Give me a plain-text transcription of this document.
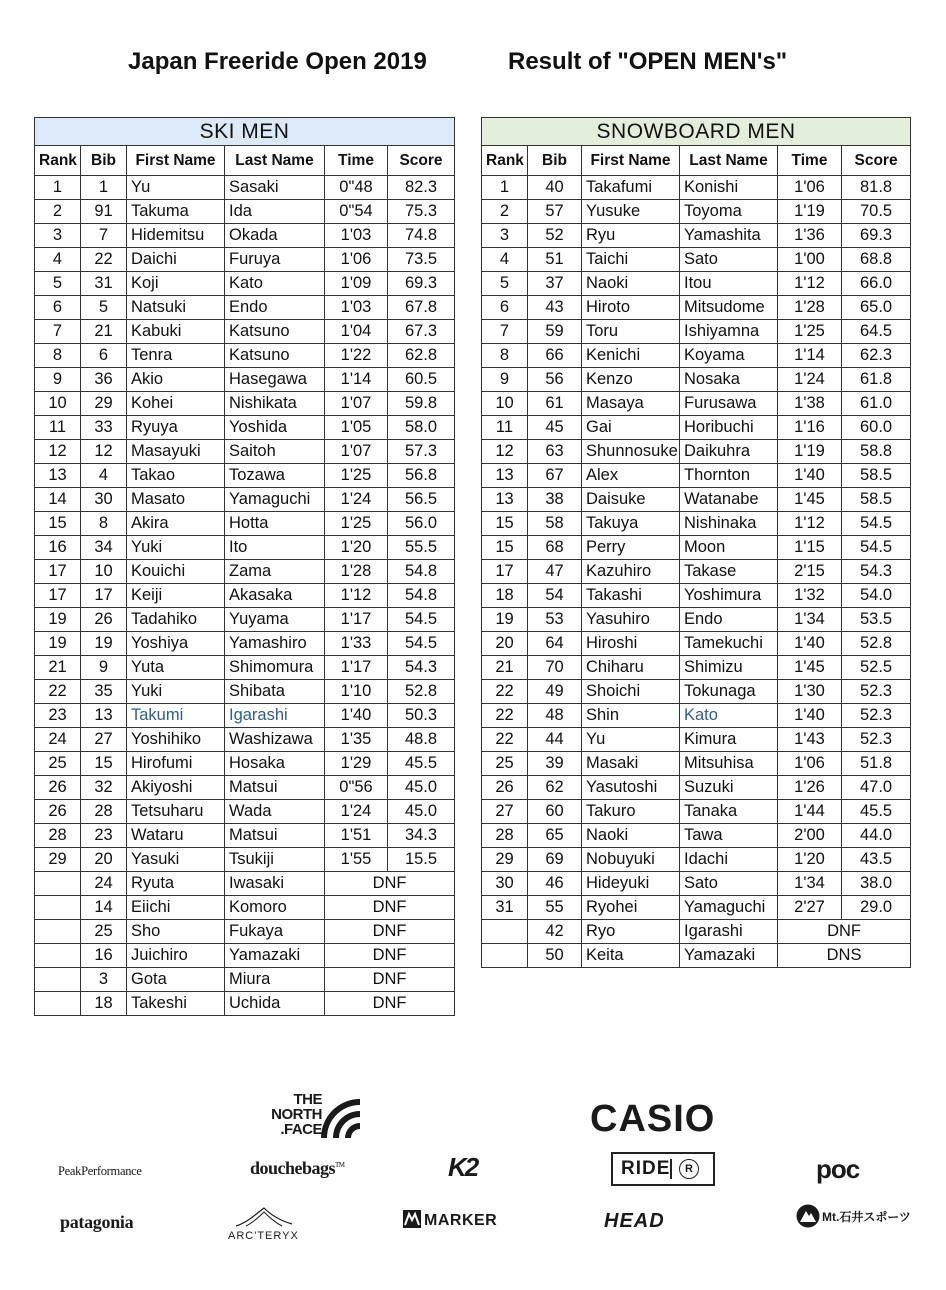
Japan Freeride Open 2019	Result of "OPEN MEN's"
SKI MEN					
Rank	Bib	First Name	Last Name	Time	Score
1	1	Yu	Sasaki	0"48	82.3
2	91	Takuma	Ida	0"54	75.3
3	7	Hidemitsu	Okada	1'03	74.8
4	22	Daichi	Furuya	1'06	73.5
5	31	Koji	Kato	1'09	69.3
6	5	Natsuki	Endo	1'03	67.8
7	21	Kabuki	Katsuno	1'04	67.3
8	6	Tenra	Katsuno	1'22	62.8
9	36	Akio	Hasegawa	1'14	60.5
10	29	Kohei	Nishikata	1'07	59.8
11	33	Ryuya	Yoshida	1'05	58.0
12	12	Masayuki	Saitoh	1'07	57.3
13	4	Takao	Tozawa	1'25	56.8
14	30	Masato	Yamaguchi	1'24	56.5
15	8	Akira	Hotta	1'25	56.0
16	34	Yuki	Ito	1'20	55.5
17	10	Kouichi	Zama	1'28	54.8
17	17	Keiji	Akasaka	1'12	54.8
19	26	Tadahiko	Yuyama	1'17	54.5
19	19	Yoshiya	Yamashiro	1'33	54.5
21	9	Yuta	Shimomura	1'17	54.3
22	35	Yuki	Shibata	1'10	52.8
23	13	Takumi	Igarashi	1'40	50.3
24	27	Yoshihiko	Washizawa	1'35	48.8
25	15	Hirofumi	Hosaka	1'29	45.5
26	32	Akiyoshi	Matsui	0"56	45.0
26	28	Tetsuharu	Wada	1'24	45.0
28	23	Wataru	Matsui	1'51	34.3
29	20	Yasuki	Tsukiji	1'55	15.5
	24	Ryuta	Iwasaki	DNF	
	14	Eiichi	Komoro	DNF	
	25	Sho	Fukaya	DNF	
	16	Juichiro	Yamazaki	DNF	
	3	Gota	Miura	DNF	
	18	Takeshi	Uchida	DNF	
SNOWBOARD MEN					
Rank	Bib	First Name	Last Name	Time	Score
1	40	Takafumi	Konishi	1'06	81.8
2	57	Yusuke	Toyoma	1'19	70.5
3	52	Ryu	Yamashita	1'36	69.3
4	51	Taichi	Sato	1'00	68.8
5	37	Naoki	Itou	1'12	66.0
6	43	Hiroto	Mitsudome	1'28	65.0
7	59	Toru	Ishiyamna	1'25	64.5
8	66	Kenichi	Koyama	1'14	62.3
9	56	Kenzo	Nosaka	1'24	61.8
10	61	Masaya	Furusawa	1'38	61.0
11	45	Gai	Horibuchi	1'16	60.0
12	63	Shunnosuke	Daikuhra	1'19	58.8
13	67	Alex	Thornton	1'40	58.5
13	38	Daisuke	Watanabe	1'45	58.5
15	58	Takuya	Nishinaka	1'12	54.5
15	68	Perry	Moon	1'15	54.5
17	47	Kazuhiro	Takase	2'15	54.3
18	54	Takashi	Yoshimura	1'32	54.0
19	53	Yasuhiro	Endo	1'34	53.5
20	64	Hiroshi	Tamekuchi	1'40	52.8
21	70	Chiharu	Shimizu	1'45	52.5
22	49	Shoichi	Tokunaga	1'30	52.3
22	48	Shin	Kato	1'40	52.3
22	44	Yu	Kimura	1'43	52.3
25	39	Masaki	Mitsuhisa	1'06	51.8
26	62	Yasutoshi	Suzuki	1'26	47.0
27	60	Takuro	Tanaka	1'44	45.5
28	65	Naoki	Tawa	2'00	44.0
29	69	Nobuyuki	Idachi	1'20	43.5
30	46	Hideyuki	Sato	1'34	38.0
31	55	Ryohei	Yamaguchi	2'27	29.0
	42	Ryo	Igarashi	DNF	
	50	Keita	Yamazaki	DNS	
THE
NORTH
.FACE	CASIO
PeakPerformance	douchebags™	K2	RIDE	R	poc
patagonia
ARC'TERYX
MARKER	HEAD	Mt.石井スポーツ
